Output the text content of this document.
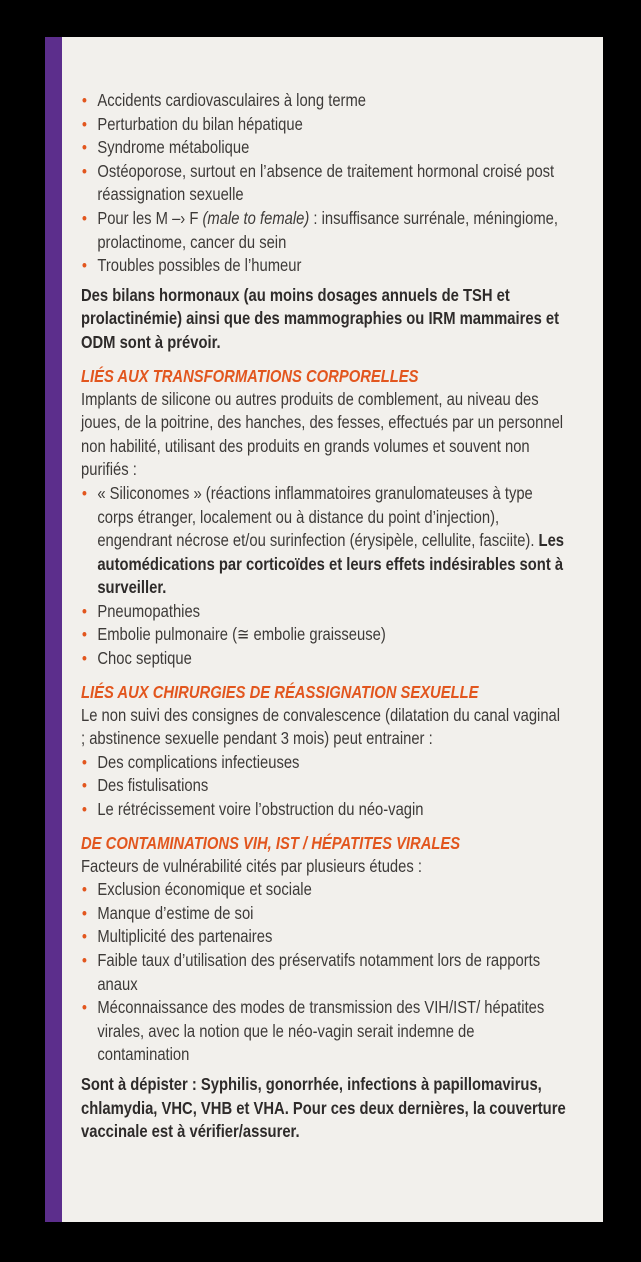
• Accidents cardiovasculaires à long terme
• Perturbation du bilan hépatique
• Syndrome métabolique
• Ostéoporose, surtout en l’absence de traitement hormonal croisé post réassignation sexuelle
• Pour les M –› F (male to female) : insuffisance surrénale, méningiome, prolactinome, cancer du sein
• Troubles possibles de l’humeur

Des bilans hormonaux (au moins dosages annuels de TSH et prolactinémie) ainsi que des mammographies ou IRM mammaires et ODM sont à prévoir.

LIÉS AUX TRANSFORMATIONS CORPORELLES

Implants de silicone ou autres produits de comblement, au niveau des joues, de la poitrine, des hanches, des fesses, effectués par un personnel non habilité, utilisant des produits en grands volumes et souvent non purifiés :

• « Siliconomes » (réactions inflammatoires granulomateuses à type corps étranger, localement ou à distance du point d’injection), engendrant nécrose et/ou surinfection (érysipèle, cellulite, fasciite). Les automédications par corticoïdes et leurs effets indésirables sont à surveiller.
• Pneumopathies
• Embolie pulmonaire (≅ embolie graisseuse)
• Choc septique
LIÉS AUX CHIRURGIES DE RÉASSIGNATION SEXUELLE

Le non suivi des consignes de convalescence (dilatation du canal vaginal ; abstinence sexuelle pendant 3 mois) peut entrainer :

• Des complications infectieuses
• Des fistulisations
• Le rétrécissement voire l’obstruction du néo-vagin
DE CONTAMINATIONS VIH, IST / HÉPATITES VIRALES

Facteurs de vulnérabilité cités par plusieurs études :

• Exclusion économique et sociale
• Manque d’estime de soi
• Multiplicité des partenaires
• Faible taux d’utilisation des préservatifs notamment lors de rapports anaux
• Méconnaissance des modes de transmission des VIH/IST/ hépatites virales, avec la notion que le néo-vagin serait indemne de contamination

Sont à dépister : Syphilis, gonorrhée, infections à papillomavirus, chlamydia, VHC, VHB et VHA. Pour ces deux dernières, la couverture vaccinale est à vérifier/assurer.
